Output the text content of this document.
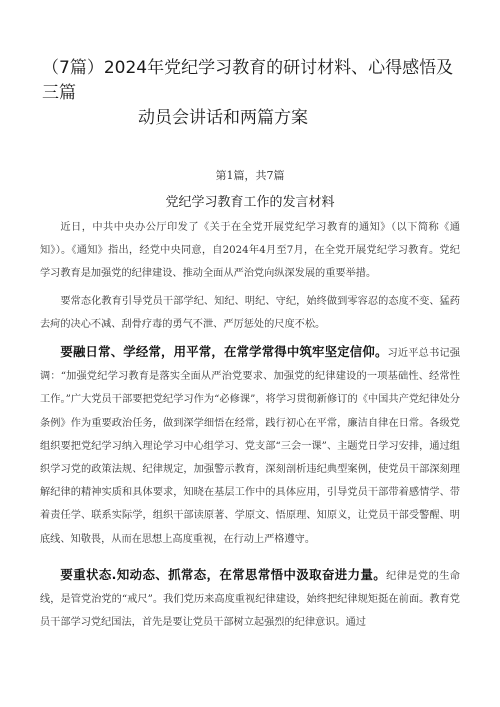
（7篇）2024年党纪学习教育的研讨材料、心得感悟及三篇
动员会讲话和两篇方案
第1篇，共7篇
党纪学习教育工作的发言材料

近日，中共中央办公厅印发了《关于在全党开展党纪学习教育的通知》（以下简称《通知》）。《通知》指出，经党中央同意，自2024年4月至7月，在全党开展党纪学习教育。党纪学习教育是加强党的纪律建设、推动全面从严治党向纵深发展的重要举措。

要常态化教育引导党员干部学纪、知纪、明纪、守纪，始终做到零容忍的态度不变、猛药去疴的决心不减、刮骨疗毒的勇气不泄、严厉惩处的尺度不松。

要融日常、学经常，用平常，在常学常得中筑牢坚定信仰。习近平总书记强调：“加强党纪学习教育是落实全面从严治党要求、加强党的纪律建设的一项基础性、经常性工作。”广大党员干部要把党纪学习作为“必修课”，将学习贯彻新修订的《中国共产党纪律处分条例》作为重要政治任务，做到深学细悟在经常，践行初心在平常，廉洁自律在日常。各级党组织要把党纪学习纳入理论学习中心组学习、党支部“三会一课”、主题党日学习安排，通过组织学习党的政策法规、纪律规定，加强警示教育，深刻剖析违纪典型案例，使党员干部深刻理解纪律的精神实质和具体要求，知晓在基层工作中的具体应用，引导党员干部带着感情学、带着责任学、联系实际学，组织干部读原著、学原文、悟原理、知原义，让党员干部受警醒、明底线、知敬畏，从而在思想上高度重视，在行动上严格遵守。

要重状态.知动态、抓常态，在常思常悟中汲取奋进力量。纪律是党的生命线，是管党治党的“戒尺”。我们党历来高度重视纪律建设，始终把纪律规矩挺在前面。教育党员干部学习党纪国法，首先是要让党员干部树立起强烈的纪律意识。通过
